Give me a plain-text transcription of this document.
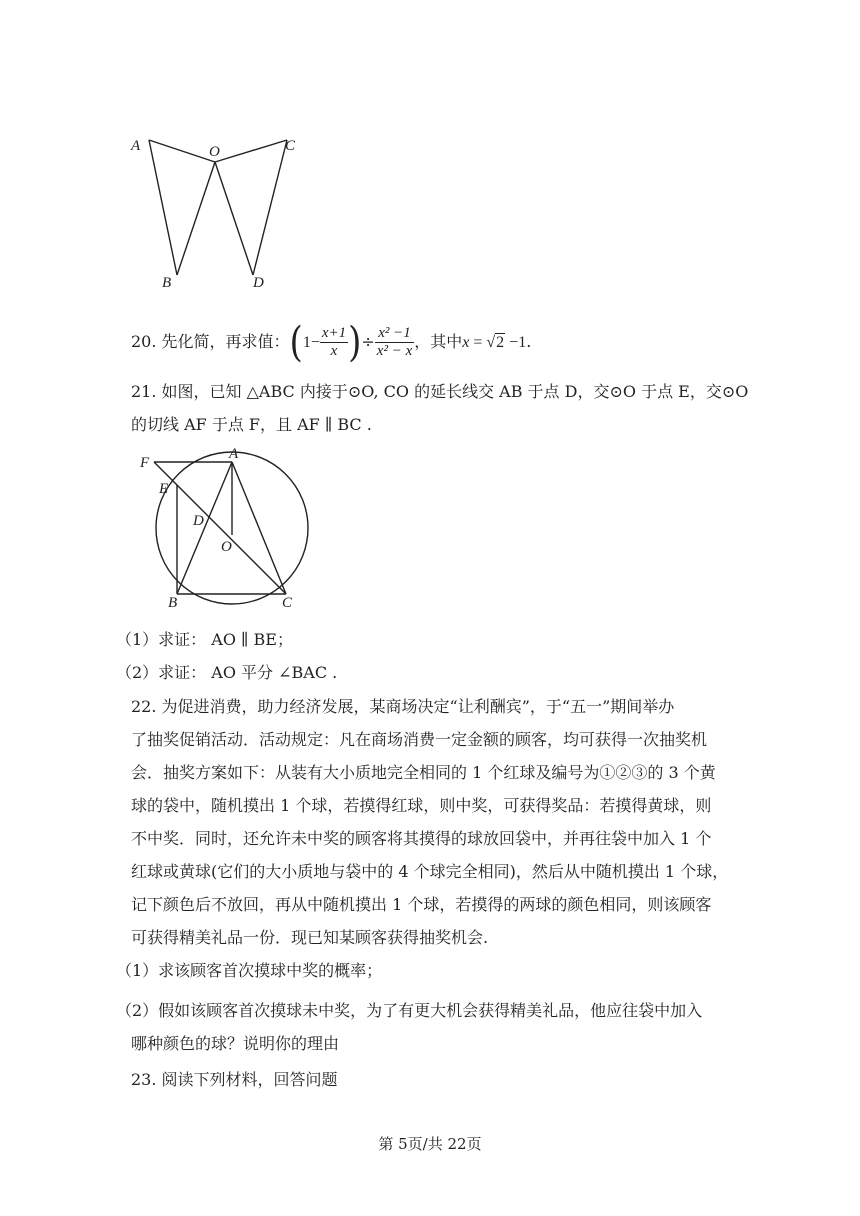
A	O	C
B	D
20. 先化简，再求值：($1- \frac{x+1}{x}$ )÷ $\frac{\text{x² −1}}{\text{x² − x}}$ ，其中x = √2 −1.
21. 如图，已知 △ABC 内接于⊙O, CO 的延长线交 AB 于点 D，交⊙O 于点 E，交⊙O
的切线 AF 于点 F，且 AF ∥ BC .
F
A
E
D
O
B	C
（1）求证： AO ∥ BE；
（2）求证： AO 平分 ∠BAC .
22. 为促进消费，助力经济发展，某商场决定“让利酬宾”，于“五一”期间举办
了抽奖促销活动．活动规定：凡在商场消费一定金额的顾客，均可获得一次抽奖机
会．抽奖方案如下：从装有大小质地完全相同的 1 个红球及编号为①②③的 3 个黄
球的袋中，随机摸出 1 个球，若摸得红球，则中奖，可获得奖品：若摸得黄球，则
不中奖．同时，还允许未中奖的顾客将其摸得的球放回袋中，并再往袋中加入 1 个
红球或黄球(它们的大小质地与袋中的 4 个球完全相同)，然后从中随机摸出 1 个球，
记下颜色后不放回，再从中随机摸出 1 个球，若摸得的两球的颜色相同，则该顾客
可获得精美礼品一份．现已知某顾客获得抽奖机会.
（1）求该顾客首次摸球中奖的概率；
（2）假如该顾客首次摸球未中奖，为了有更大机会获得精美礼品，他应往袋中加入
哪种颜色的球？说明你的理由
23. 阅读下列材料，回答问题
第 5页/共 22页
